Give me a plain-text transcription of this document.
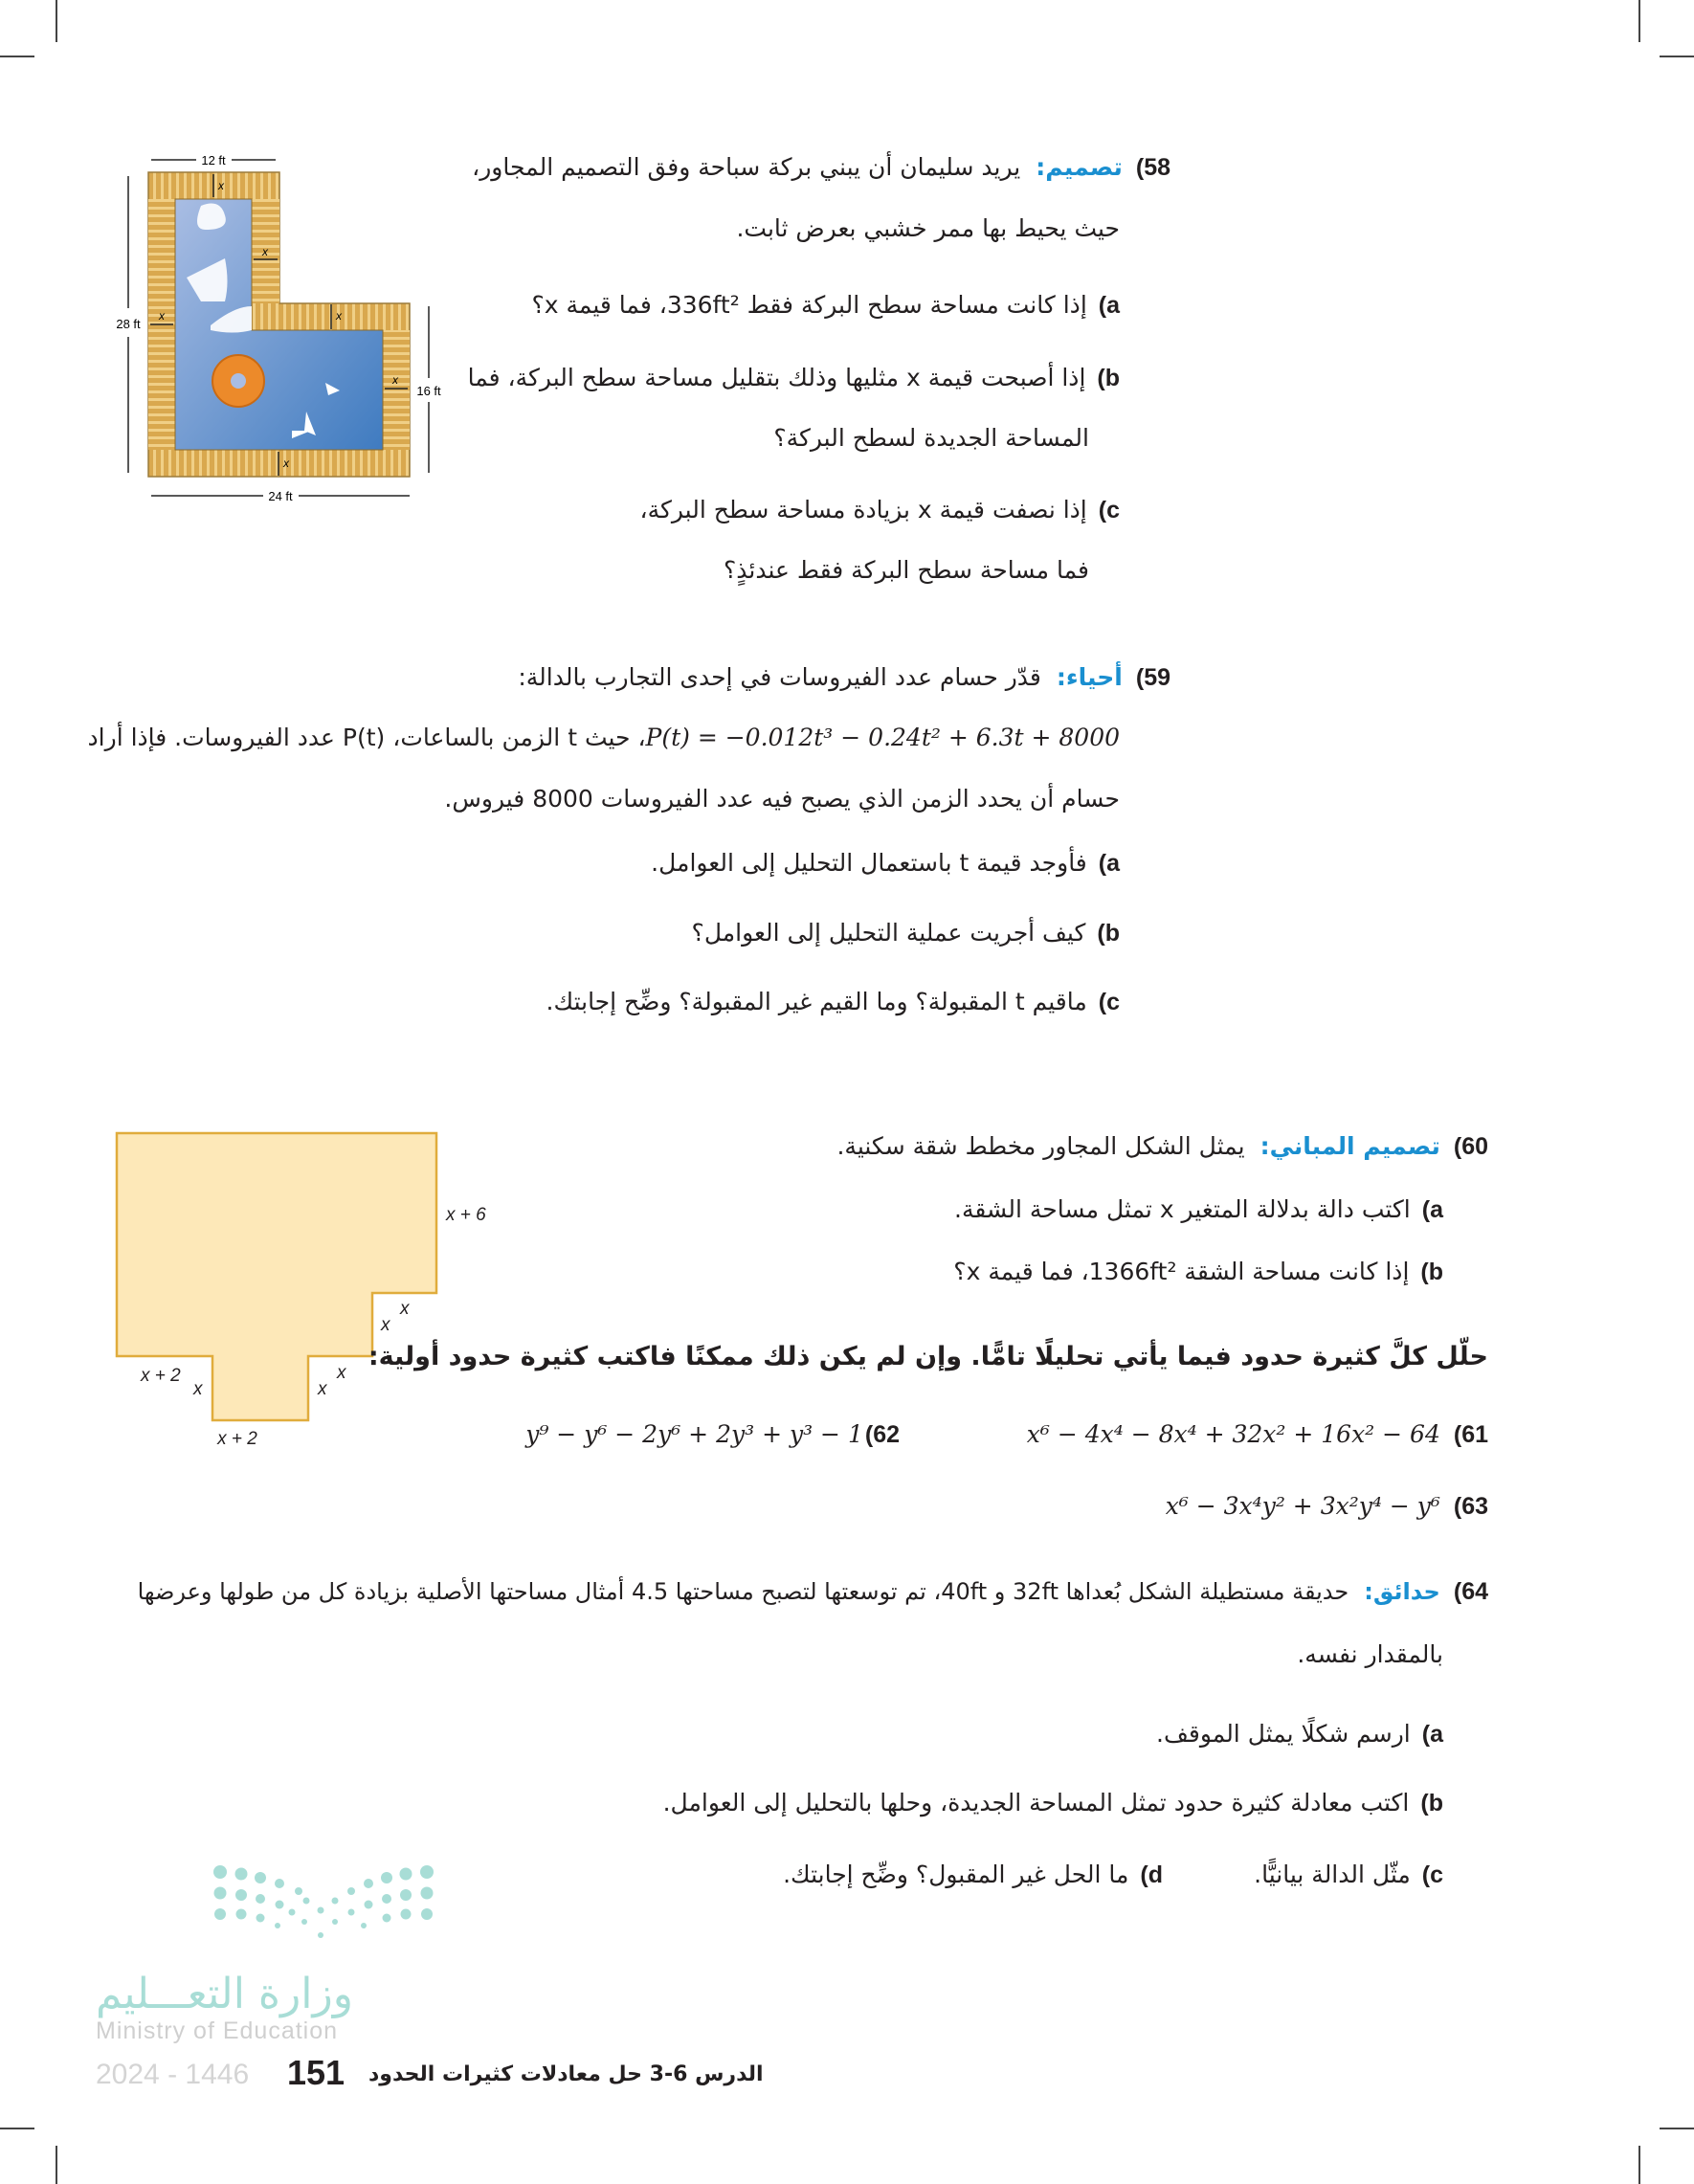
12 ft
28 ft
16 ft
24 ft
x
x
x
x
x
x
58)تصميم:يريد سليمان أن يبني بركة سباحة وفق التصميم المجاور،
حيث يحيط بها ممر خشبي بعرض ثابت.
a)إذا كانت مساحة سطح البركة فقط 336ft²، فما قيمة x؟
b)إذا أصبحت قيمة x مثليها وذلك بتقليل مساحة سطح البركة، فما
المساحة الجديدة لسطح البركة؟
c)إذا نصفت قيمة x بزيادة مساحة سطح البركة،
فما مساحة سطح البركة فقط عندئذٍ؟
59)أحياء:قدّر حسام عدد الفيروسات في إحدى التجارب بالدالة:
P(t) = −0.012t³ − 0.24t² + 6.3t + 8000، حيث t الزمن بالساعات، P(t) عدد الفيروسات. فإذا أراد
حسام أن يحدد الزمن الذي يصبح فيه عدد الفيروسات 8000 فيروس.
a)فأوجد قيمة t باستعمال التحليل إلى العوامل.
b)كيف أجريت عملية التحليل إلى العوامل؟
c)ماقيم t المقبولة؟ وما القيم غير المقبولة؟ وضِّح إجابتك.
x + 6
x
x
x
x
x
x + 2
x + 2
60)تصميم المباني:يمثل الشكل المجاور مخطط شقة سكنية.
a)اكتب دالة بدلالة المتغير x تمثل مساحة الشقة.
b)إذا كانت مساحة الشقة 1366ft²، فما قيمة x؟
حلّل كلَّ كثيرة حدود فيما يأتي تحليلًا تامًّا. وإن لم يكن ذلك ممكنًا فاكتب كثيرة حدود أولية:
61)x⁶ − 4x⁴ − 8x⁴ + 32x² + 16x² − 64
62)y⁹ − y⁶ − 2y⁶ + 2y³ + y³ − 1
63)x⁶ − 3x⁴y² + 3x²y⁴ − y⁶
64)حدائق:حديقة مستطيلة الشكل بُعداها 32ft و 40ft، تم توسعتها لتصبح مساحتها 4.5 أمثال مساحتها الأصلية بزيادة كل من طولها وعرضها
بالمقدار نفسه.
a)ارسم شكلًا يمثل الموقف.
b)اكتب معادلة كثيرة حدود تمثل المساحة الجديدة، وحلها بالتحليل إلى العوامل.
c)مثّل الدالة بيانيًّا.
d)ما الحل غير المقبول؟ وضِّح إجابتك.
وزارة التعـــليم
Ministry of Education
2024 - 1446 151 الدرس 6-3 حل معادلات كثيرات الحدود
